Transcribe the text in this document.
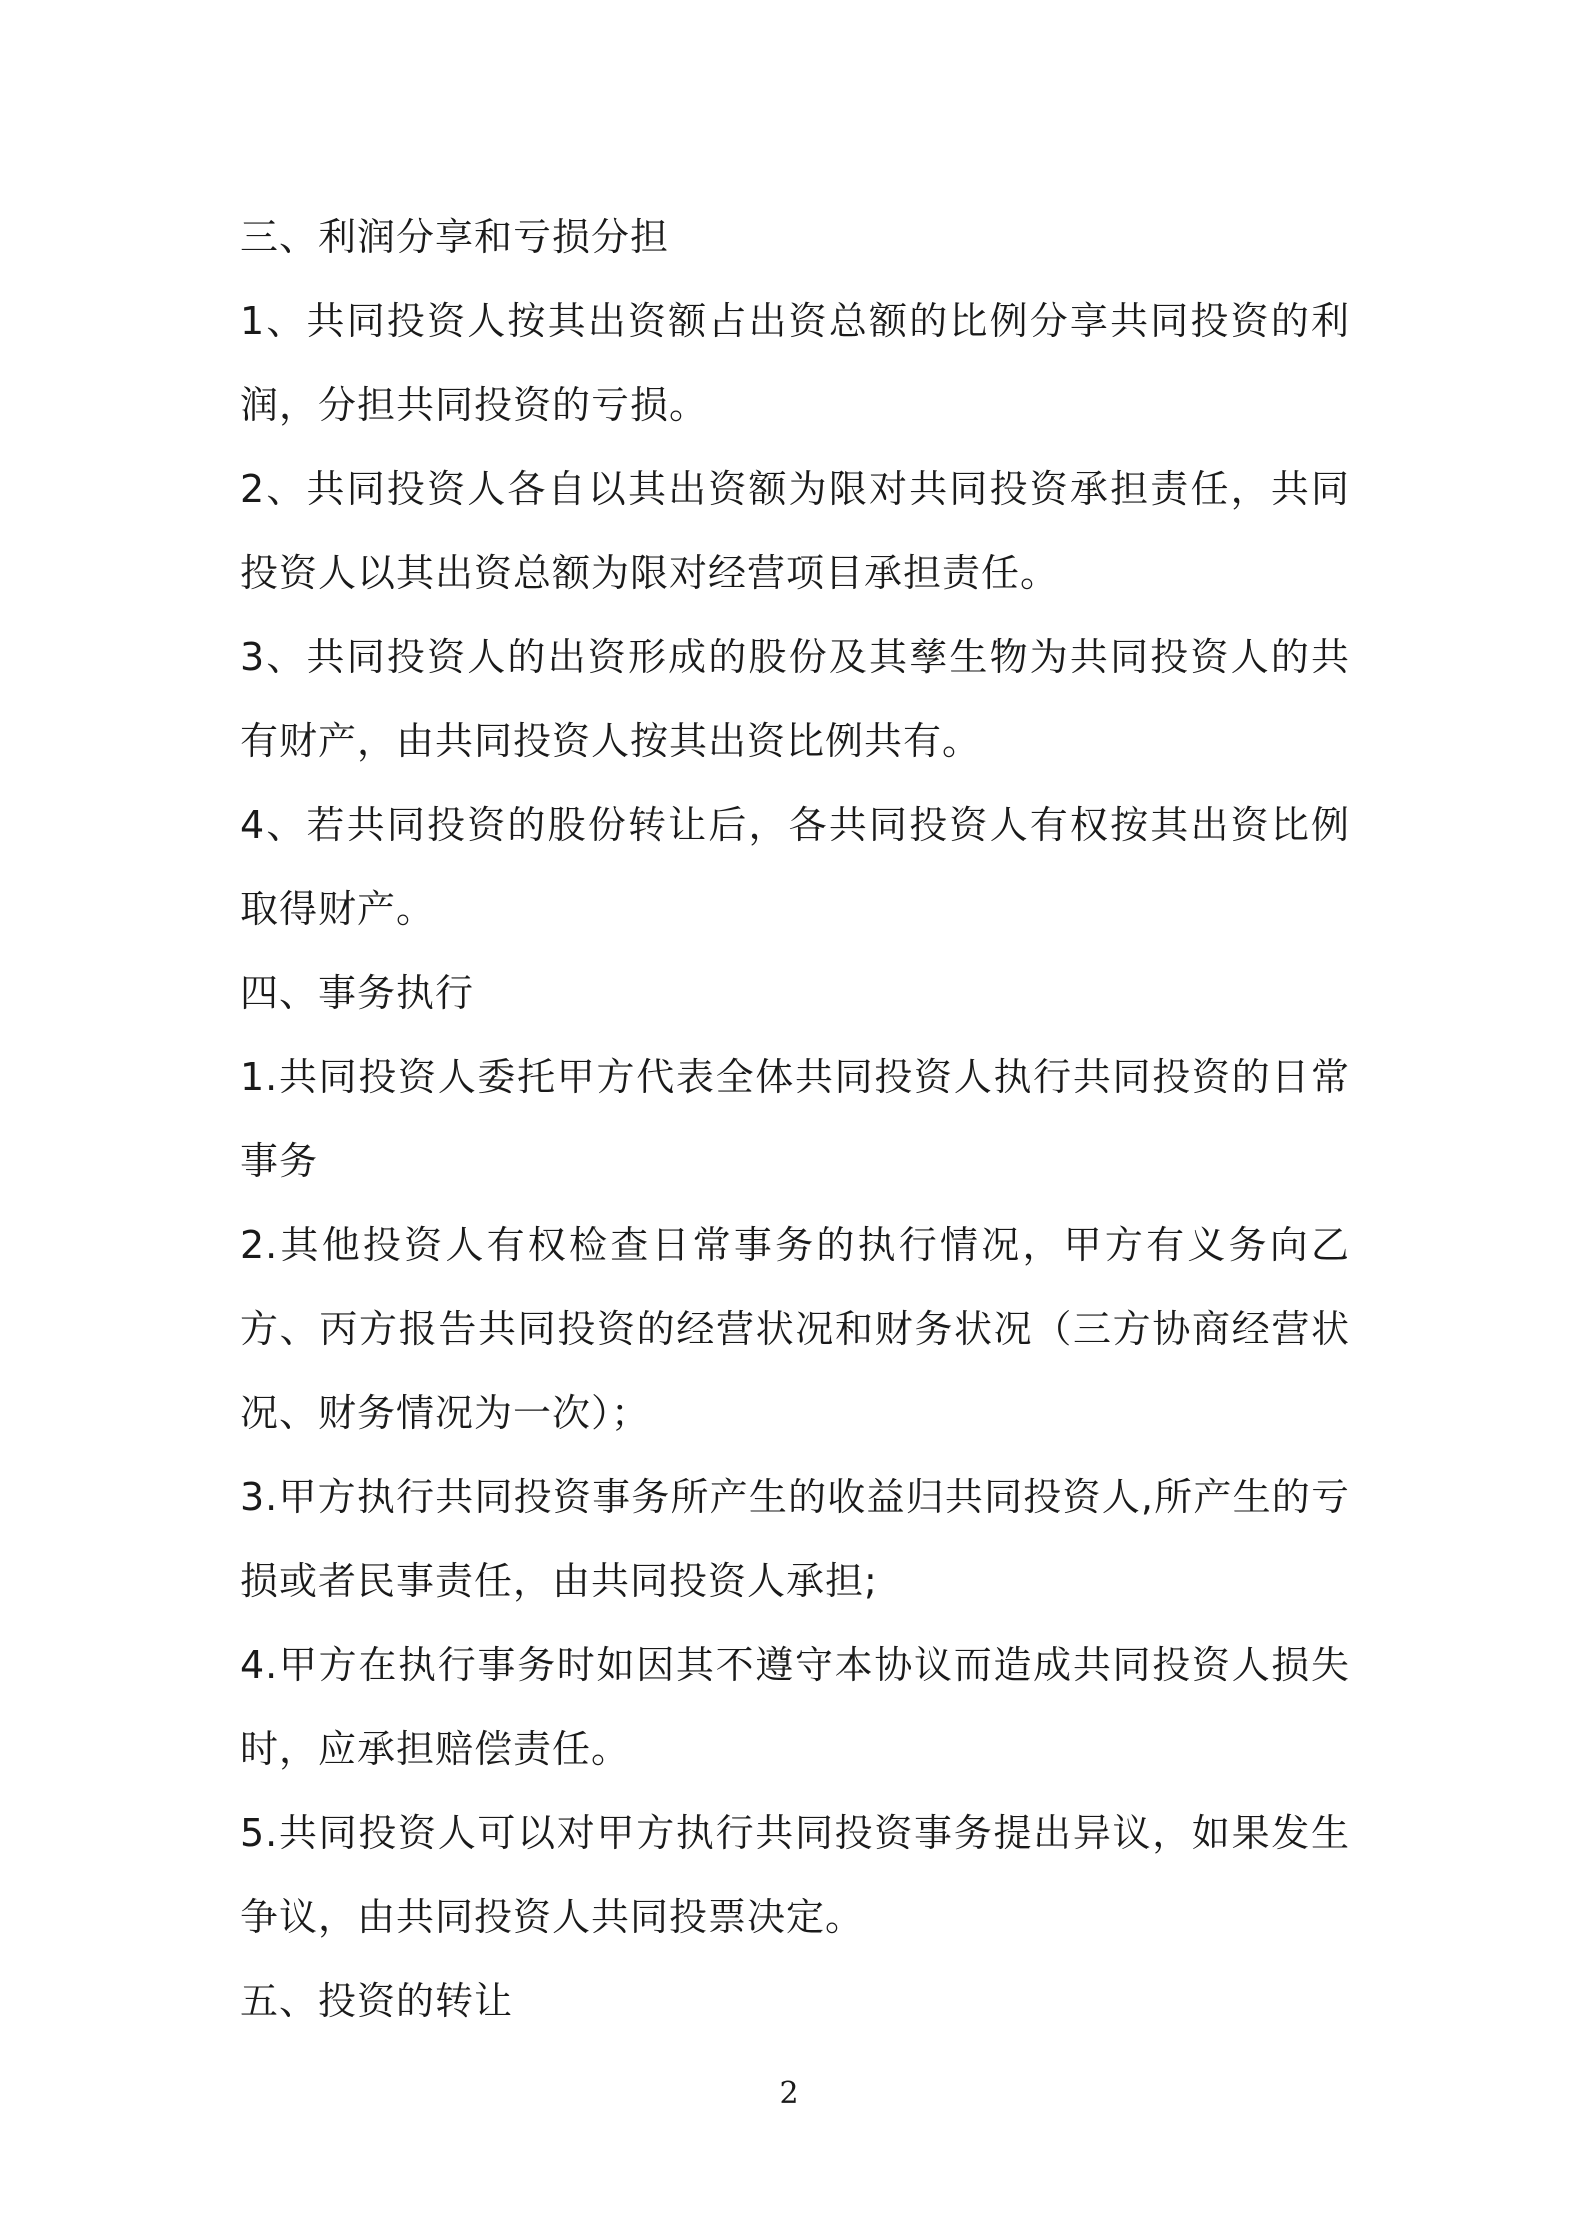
三、利润分享和亏损分担

1、共同投资人按其出资额占出资总额的比例分享共同投资的利润，分担共同投资的亏损。

2、共同投资人各自以其出资额为限对共同投资承担责任，共同投资人以其出资总额为限对经营项目承担责任。

3、共同投资人的出资形成的股份及其孳生物为共同投资人的共有财产，由共同投资人按其出资比例共有。

4、若共同投资的股份转让后，各共同投资人有权按其出资比例取得财产。

四、事务执行

1.共同投资人委托甲方代表全体共同投资人执行共同投资的日常事务

2.其他投资人有权检查日常事务的执行情况，甲方有义务向乙方、丙方报告共同投资的经营状况和财务状况（三方协商经营状况、财务情况为一次）；

3.甲方执行共同投资事务所产生的收益归共同投资人,所产生的亏损或者民事责任，由共同投资人承担;

4.甲方在执行事务时如因其不遵守本协议而造成共同投资人损失时，应承担赔偿责任。

5.共同投资人可以对甲方执行共同投资事务提出异议，如果发生争议，由共同投资人共同投票决定。

五、投资的转让

2
